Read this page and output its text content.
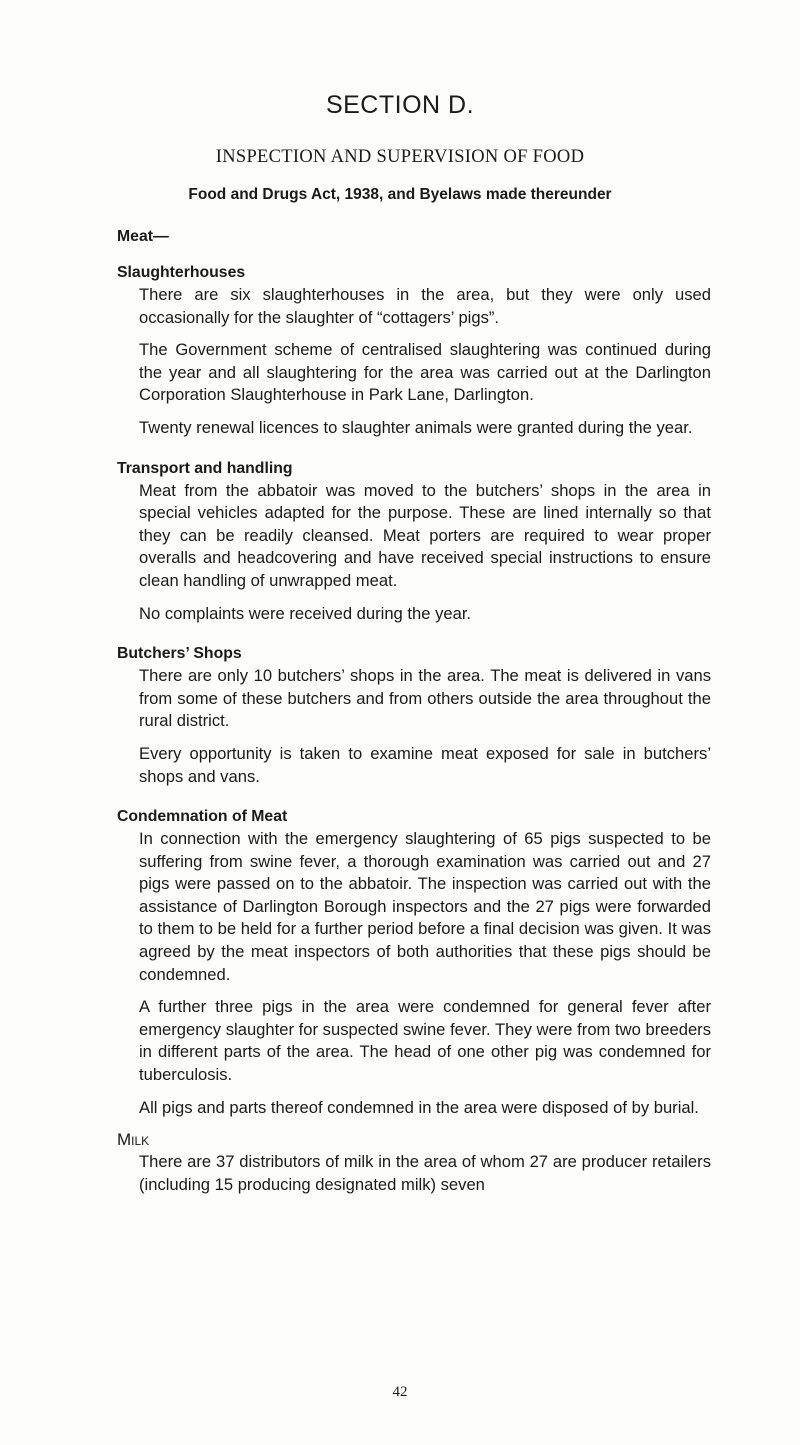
SECTION D.
INSPECTION AND SUPERVISION OF FOOD
Food and Drugs Act, 1938, and Byelaws made thereunder
Meat—
Slaughterhouses

There are six slaughterhouses in the area, but they were only used occasionally for the slaughter of “cottagers’ pigs”.

The Government scheme of centralised slaughtering was continued during the year and all slaughtering for the area was carried out at the Darlington Corporation Slaughterhouse in Park Lane, Darlington.

Twenty renewal licences to slaughter animals were granted during the year.

Transport and handling

Meat from the abbatoir was moved to the butchers’ shops in the area in special vehicles adapted for the purpose. These are lined internally so that they can be readily cleansed. Meat porters are required to wear proper overalls and headcovering and have received special instructions to ensure clean handling of unwrapped meat.

No complaints were received during the year.

Butchers’ Shops

There are only 10 butchers’ shops in the area. The meat is delivered in vans from some of these butchers and from others outside the area throughout the rural district.

Every opportunity is taken to examine meat exposed for sale in butchers’ shops and vans.

Condemnation of Meat

In connection with the emergency slaughtering of 65 pigs suspected to be suffering from swine fever, a thorough examination was carried out and 27 pigs were passed on to the abbatoir. The inspection was carried out with the assistance of Darlington Borough inspectors and the 27 pigs were forwarded to them to be held for a further period before a final decision was given. It was agreed by the meat inspectors of both authorities that these pigs should be condemned.

A further three pigs in the area were condemned for general fever after emergency slaughter for suspected swine fever. They were from two breeders in different parts of the area. The head of one other pig was condemned for tuberculosis.

All pigs and parts thereof condemned in the area were disposed of by burial.

Milk

There are 37 distributors of milk in the area of whom 27 are producer retailers (including 15 producing designated milk) seven

42
